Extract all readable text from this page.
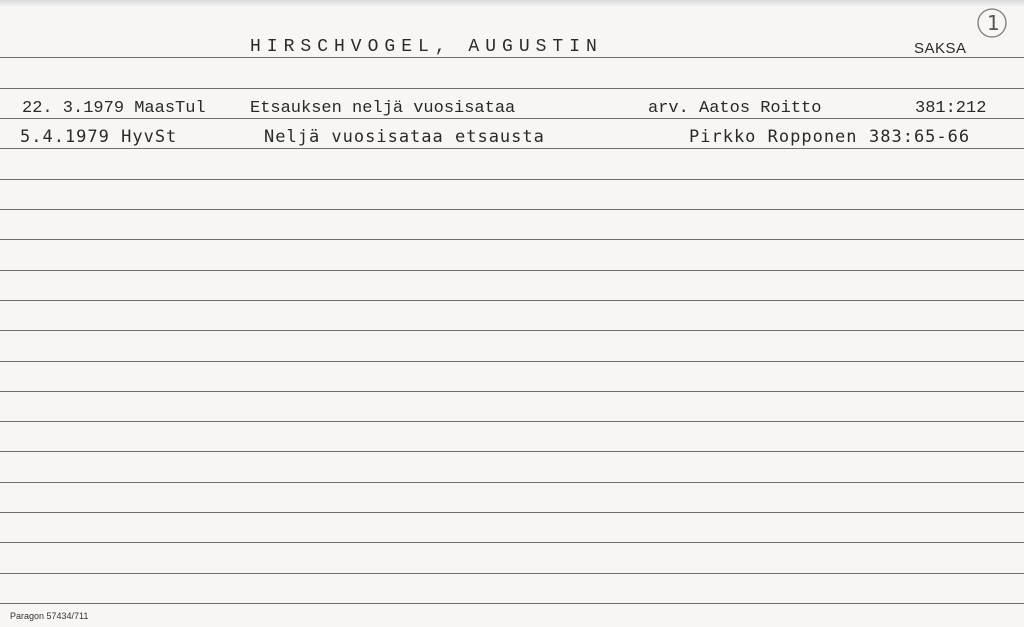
HIRSCHVOGEL, AUGUSTIN	SAKSA
1
22. 3.1979 MaasTul	Etsauksen neljä vuosisataa	arv. Aatos Roitto	381:212
5.4.1979 HyvSt	Neljä vuosisataa etsausta	Pirkko Ropponen 383:65-66
Paragon 57434/711
